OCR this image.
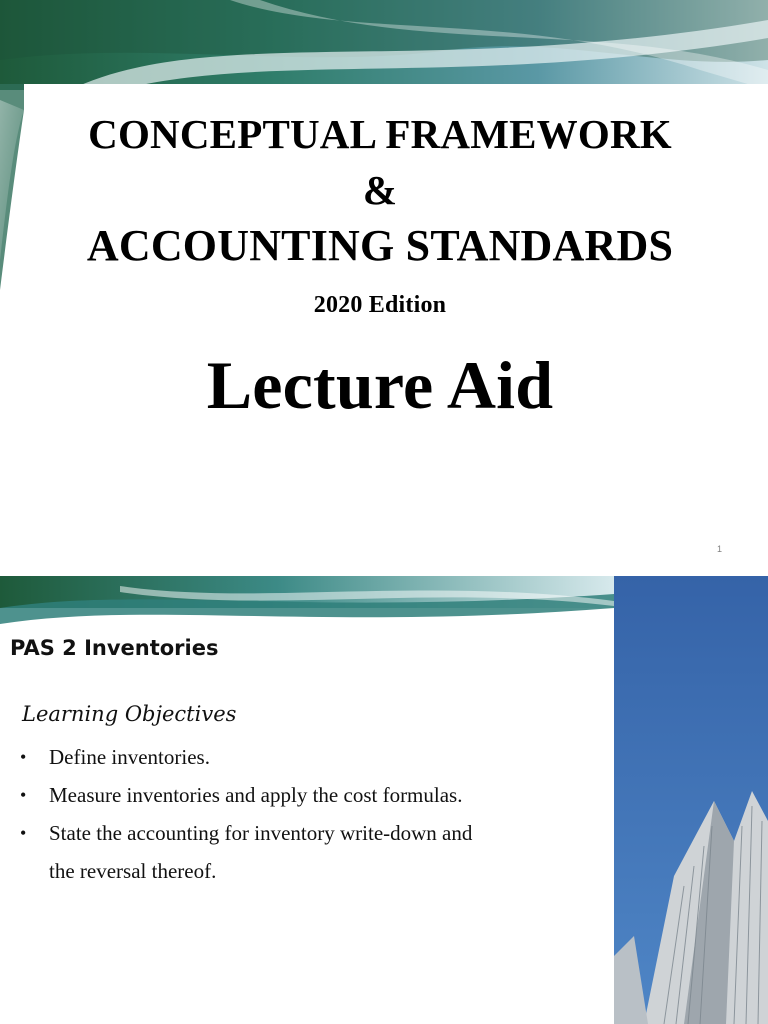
CONCEPTUAL FRAMEWORK
&
ACCOUNTING STANDARDS
2020 Edition
Lecture Aid
1
PAS 2 Inventories
Learning Objectives
• Define inventories.
• Measure inventories and apply the cost formulas.
• State the accounting for inventory write-down and the reversal thereof.
